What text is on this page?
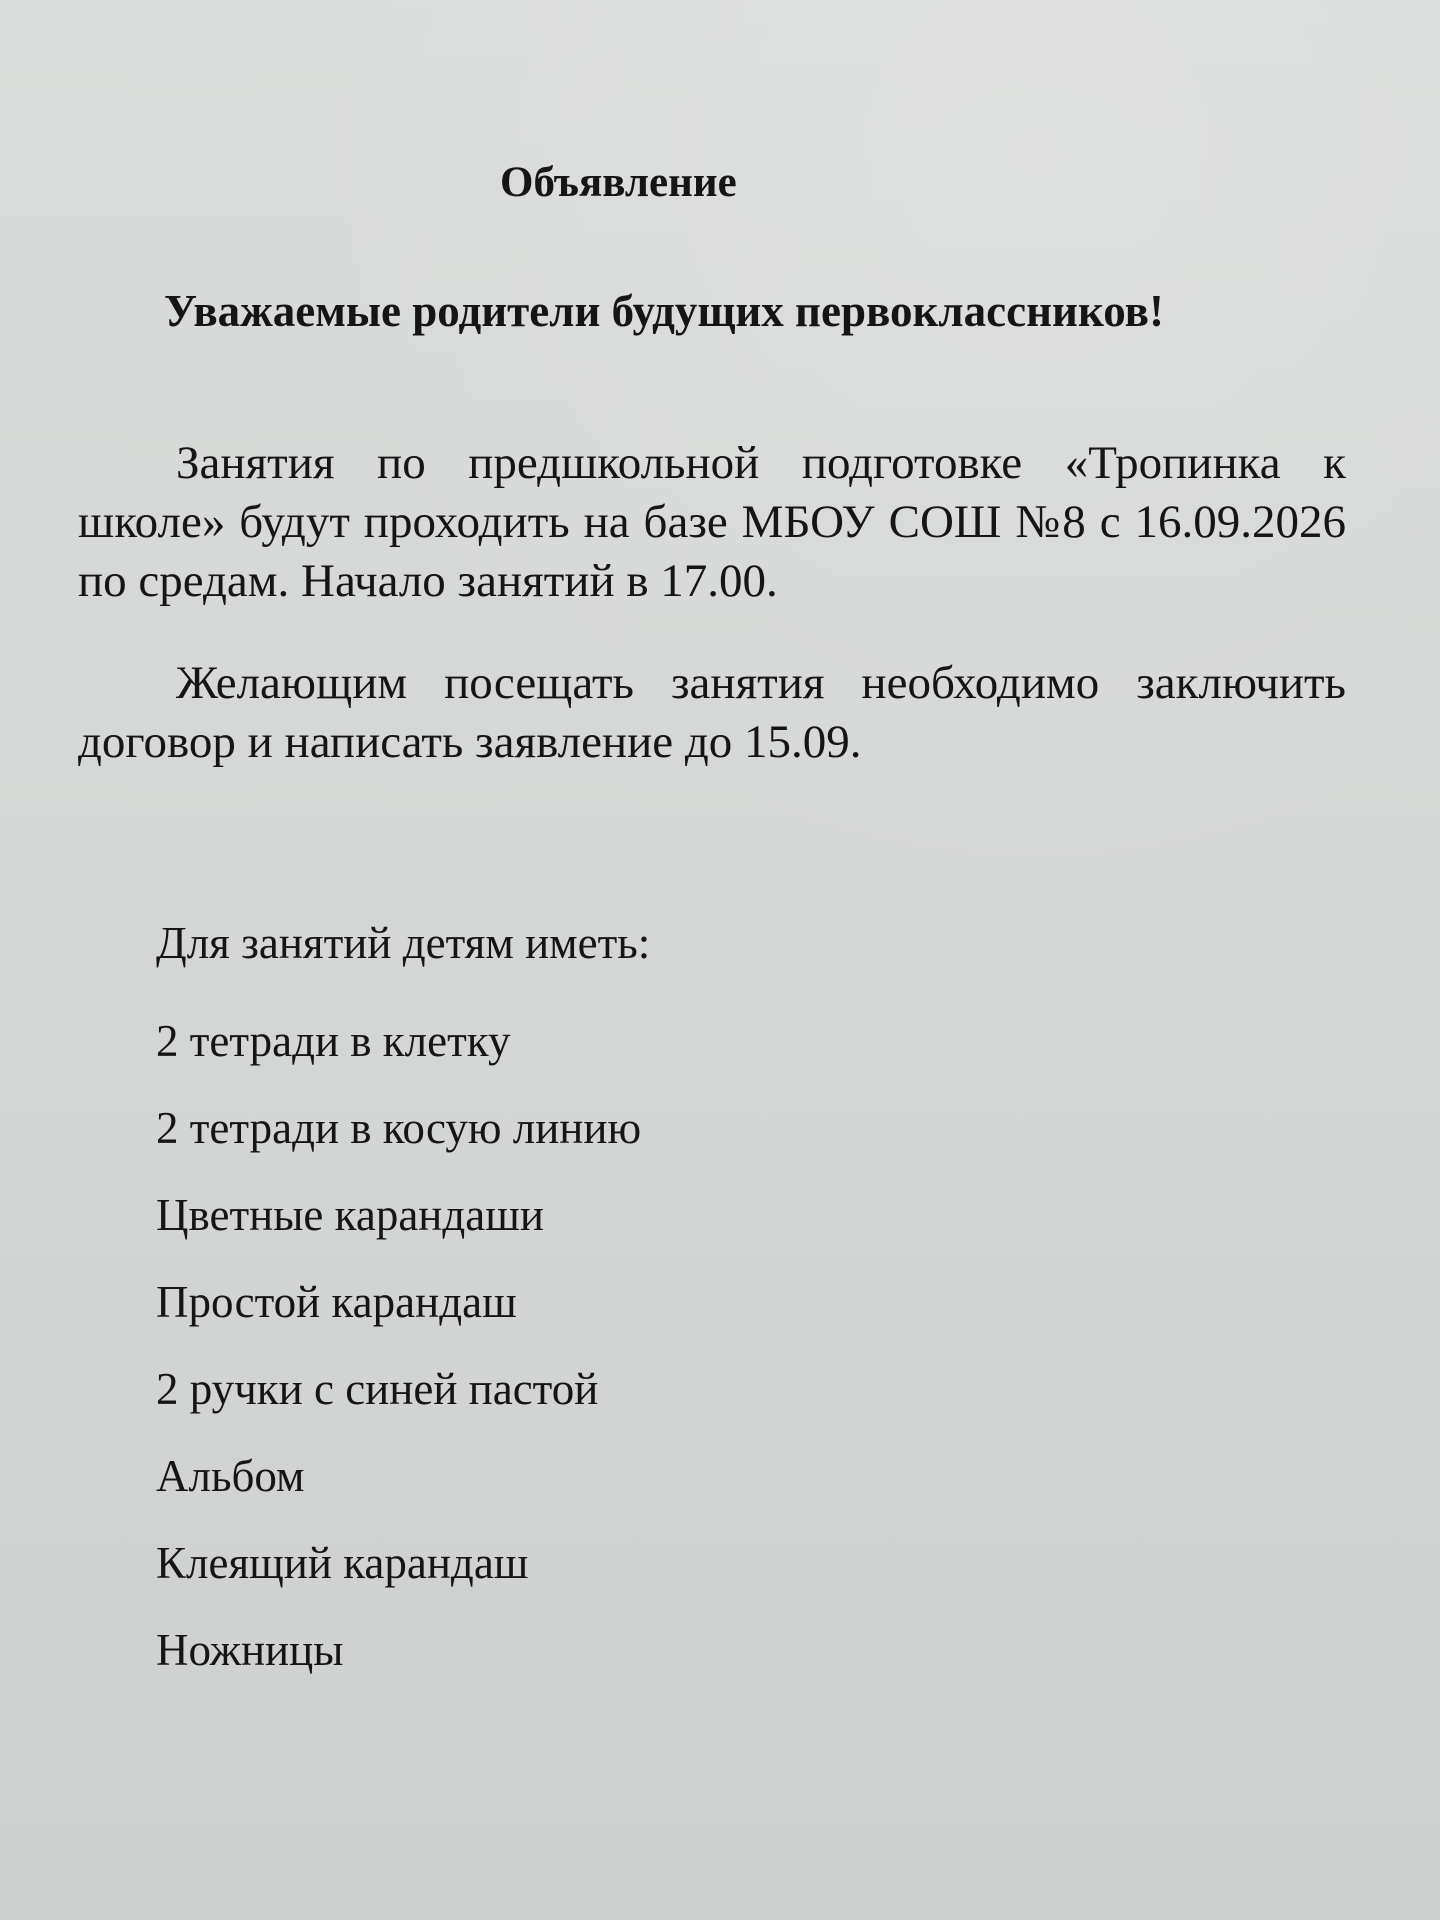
Объявление
Уважаемые родители будущих первоклассников!

Занятия по предшкольной подготовке «Тропинка к школе» будут проходить на базе МБОУ СОШ №8 с 16.09.2026 по средам. Начало занятий в 17.00.

Желающим посещать занятия необходимо заключить договор и написать заявление до 15.09.

Для занятий детям иметь:
2 тетради в клетку
2 тетради в косую линию
Цветные карандаши
Простой карандаш
2 ручки с синей пастой
Альбом
Клеящий карандаш
Ножницы
